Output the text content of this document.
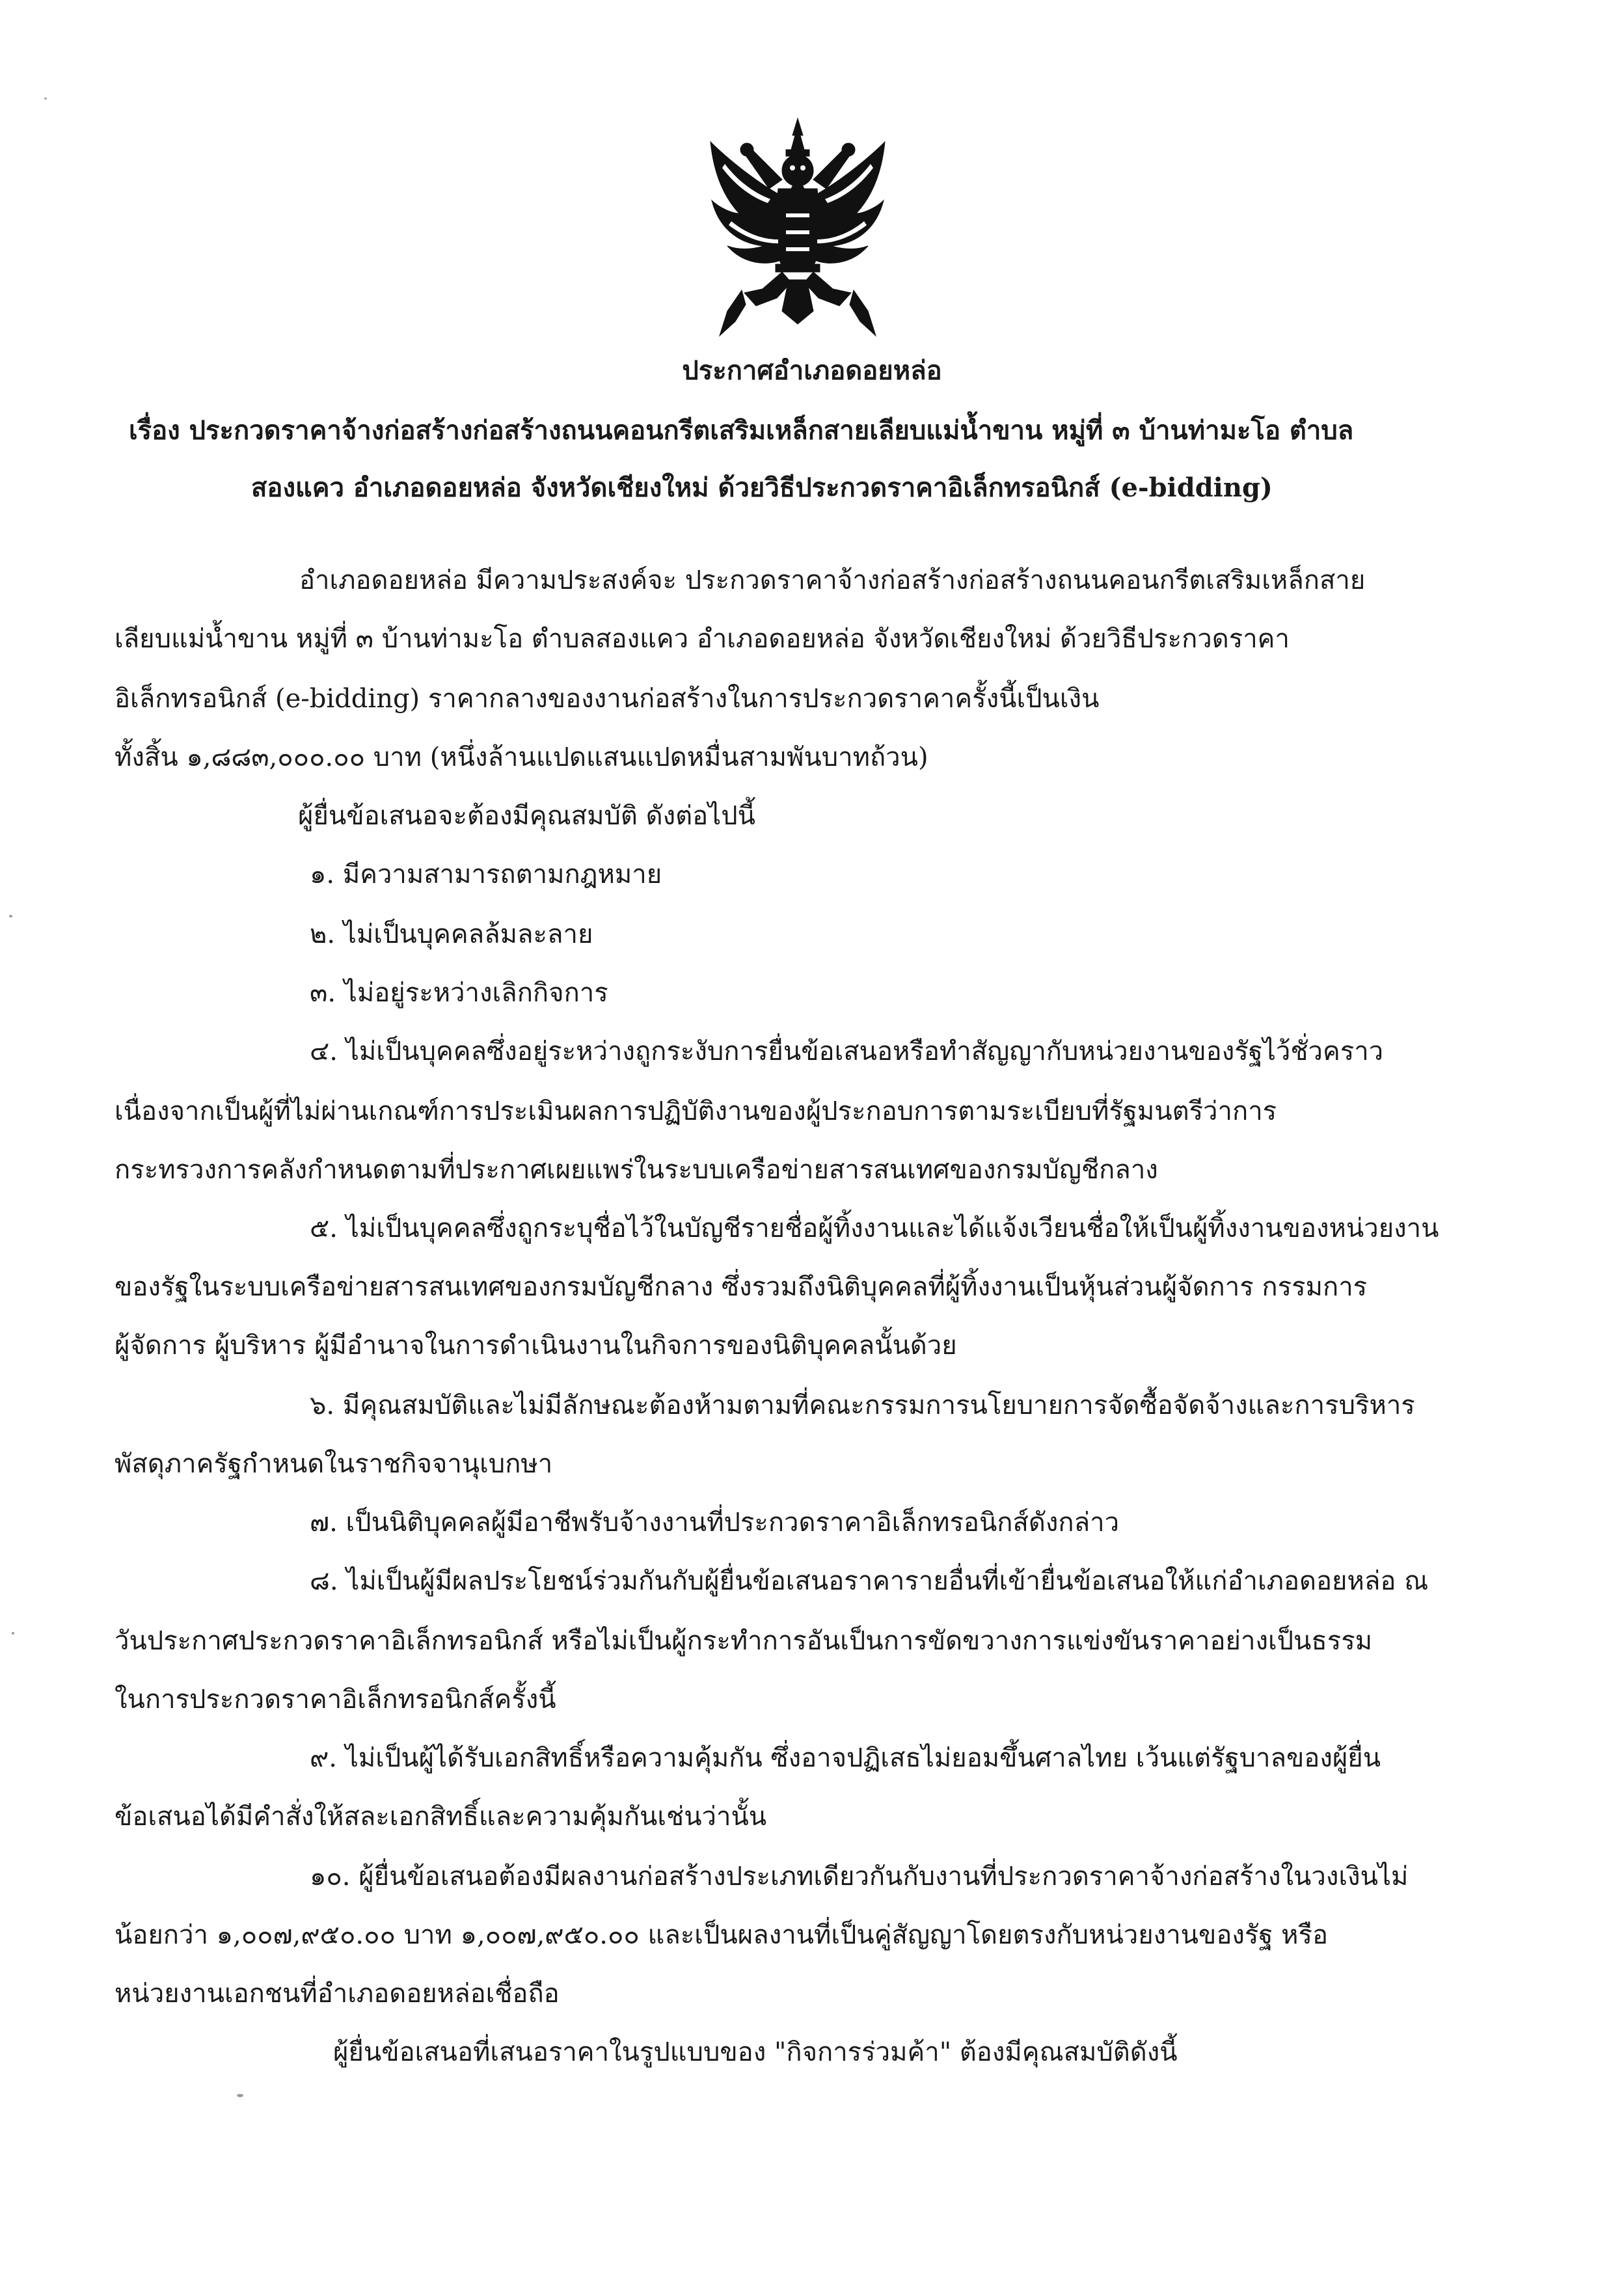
ประกาศอำเภอดอยหล่อ
เรื่อง ประกวดราคาจ้างก่อสร้างก่อสร้างถนนคอนกรีตเสริมเหล็กสายเลียบแม่น้ำขาน หมู่ที่ ๓ บ้านท่ามะโอ ตำบล
สองแคว อำเภอดอยหล่อ จังหวัดเชียงใหม่ ด้วยวิธีประกวดราคาอิเล็กทรอนิกส์ (e-bidding)
อำเภอดอยหล่อ มีความประสงค์จะ ประกวดราคาจ้างก่อสร้างก่อสร้างถนนคอนกรีตเสริมเหล็กสาย
เลียบแม่น้ำขาน หมู่ที่ ๓ บ้านท่ามะโอ ตำบลสองแคว อำเภอดอยหล่อ จังหวัดเชียงใหม่ ด้วยวิธีประกวดราคา
อิเล็กทรอนิกส์ (e-bidding) ราคากลางของงานก่อสร้างในการประกวดราคาครั้งนี้เป็นเงิน
ทั้งสิ้น ๑,๘๘๓,๐๐๐.๐๐ บาท (หนึ่งล้านแปดแสนแปดหมื่นสามพันบาทถ้วน)
ผู้ยื่นข้อเสนอจะต้องมีคุณสมบัติ ดังต่อไปนี้
๑. มีความสามารถตามกฎหมาย
๒. ไม่เป็นบุคคลล้มละลาย
๓. ไม่อยู่ระหว่างเลิกกิจการ
๔. ไม่เป็นบุคคลซึ่งอยู่ระหว่างถูกระงับการยื่นข้อเสนอหรือทำสัญญากับหน่วยงานของรัฐไว้ชั่วคราว
เนื่องจากเป็นผู้ที่ไม่ผ่านเกณฑ์การประเมินผลการปฏิบัติงานของผู้ประกอบการตามระเบียบที่รัฐมนตรีว่าการ
กระทรวงการคลังกำหนดตามที่ประกาศเผยแพร่ในระบบเครือข่ายสารสนเทศของกรมบัญชีกลาง
๕. ไม่เป็นบุคคลซึ่งถูกระบุชื่อไว้ในบัญชีรายชื่อผู้ทิ้งงานและได้แจ้งเวียนชื่อให้เป็นผู้ทิ้งงานของหน่วยงาน
ของรัฐในระบบเครือข่ายสารสนเทศของกรมบัญชีกลาง ซึ่งรวมถึงนิติบุคคลที่ผู้ทิ้งงานเป็นหุ้นส่วนผู้จัดการ กรรมการ
ผู้จัดการ ผู้บริหาร ผู้มีอำนาจในการดำเนินงานในกิจการของนิติบุคคลนั้นด้วย
๖. มีคุณสมบัติและไม่มีลักษณะต้องห้ามตามที่คณะกรรมการนโยบายการจัดซื้อจัดจ้างและการบริหาร
พัสดุภาครัฐกำหนดในราชกิจจานุเบกษา
๗. เป็นนิติบุคคลผู้มีอาชีพรับจ้างงานที่ประกวดราคาอิเล็กทรอนิกส์ดังกล่าว
๘. ไม่เป็นผู้มีผลประโยชน์ร่วมกันกับผู้ยื่นข้อเสนอราคารายอื่นที่เข้ายื่นข้อเสนอให้แก่อำเภอดอยหล่อ ณ
วันประกาศประกวดราคาอิเล็กทรอนิกส์ หรือไม่เป็นผู้กระทำการอันเป็นการขัดขวางการแข่งขันราคาอย่างเป็นธรรม
ในการประกวดราคาอิเล็กทรอนิกส์ครั้งนี้
๙. ไม่เป็นผู้ได้รับเอกสิทธิ์หรือความคุ้มกัน ซึ่งอาจปฏิเสธไม่ยอมขึ้นศาลไทย เว้นแต่รัฐบาลของผู้ยื่น
ข้อเสนอได้มีคำสั่งให้สละเอกสิทธิ์และความคุ้มกันเช่นว่านั้น
๑๐. ผู้ยื่นข้อเสนอต้องมีผลงานก่อสร้างประเภทเดียวกันกับงานที่ประกวดราคาจ้างก่อสร้างในวงเงินไม่
น้อยกว่า ๑,๐๐๗,๙๕๐.๐๐ บาท ๑,๐๐๗,๙๕๐.๐๐ และเป็นผลงานที่เป็นคู่สัญญาโดยตรงกับหน่วยงานของรัฐ หรือ
หน่วยงานเอกชนที่อำเภอดอยหล่อเชื่อถือ
ผู้ยื่นข้อเสนอที่เสนอราคาในรูปแบบของ "กิจการร่วมค้า" ต้องมีคุณสมบัติดังนี้
